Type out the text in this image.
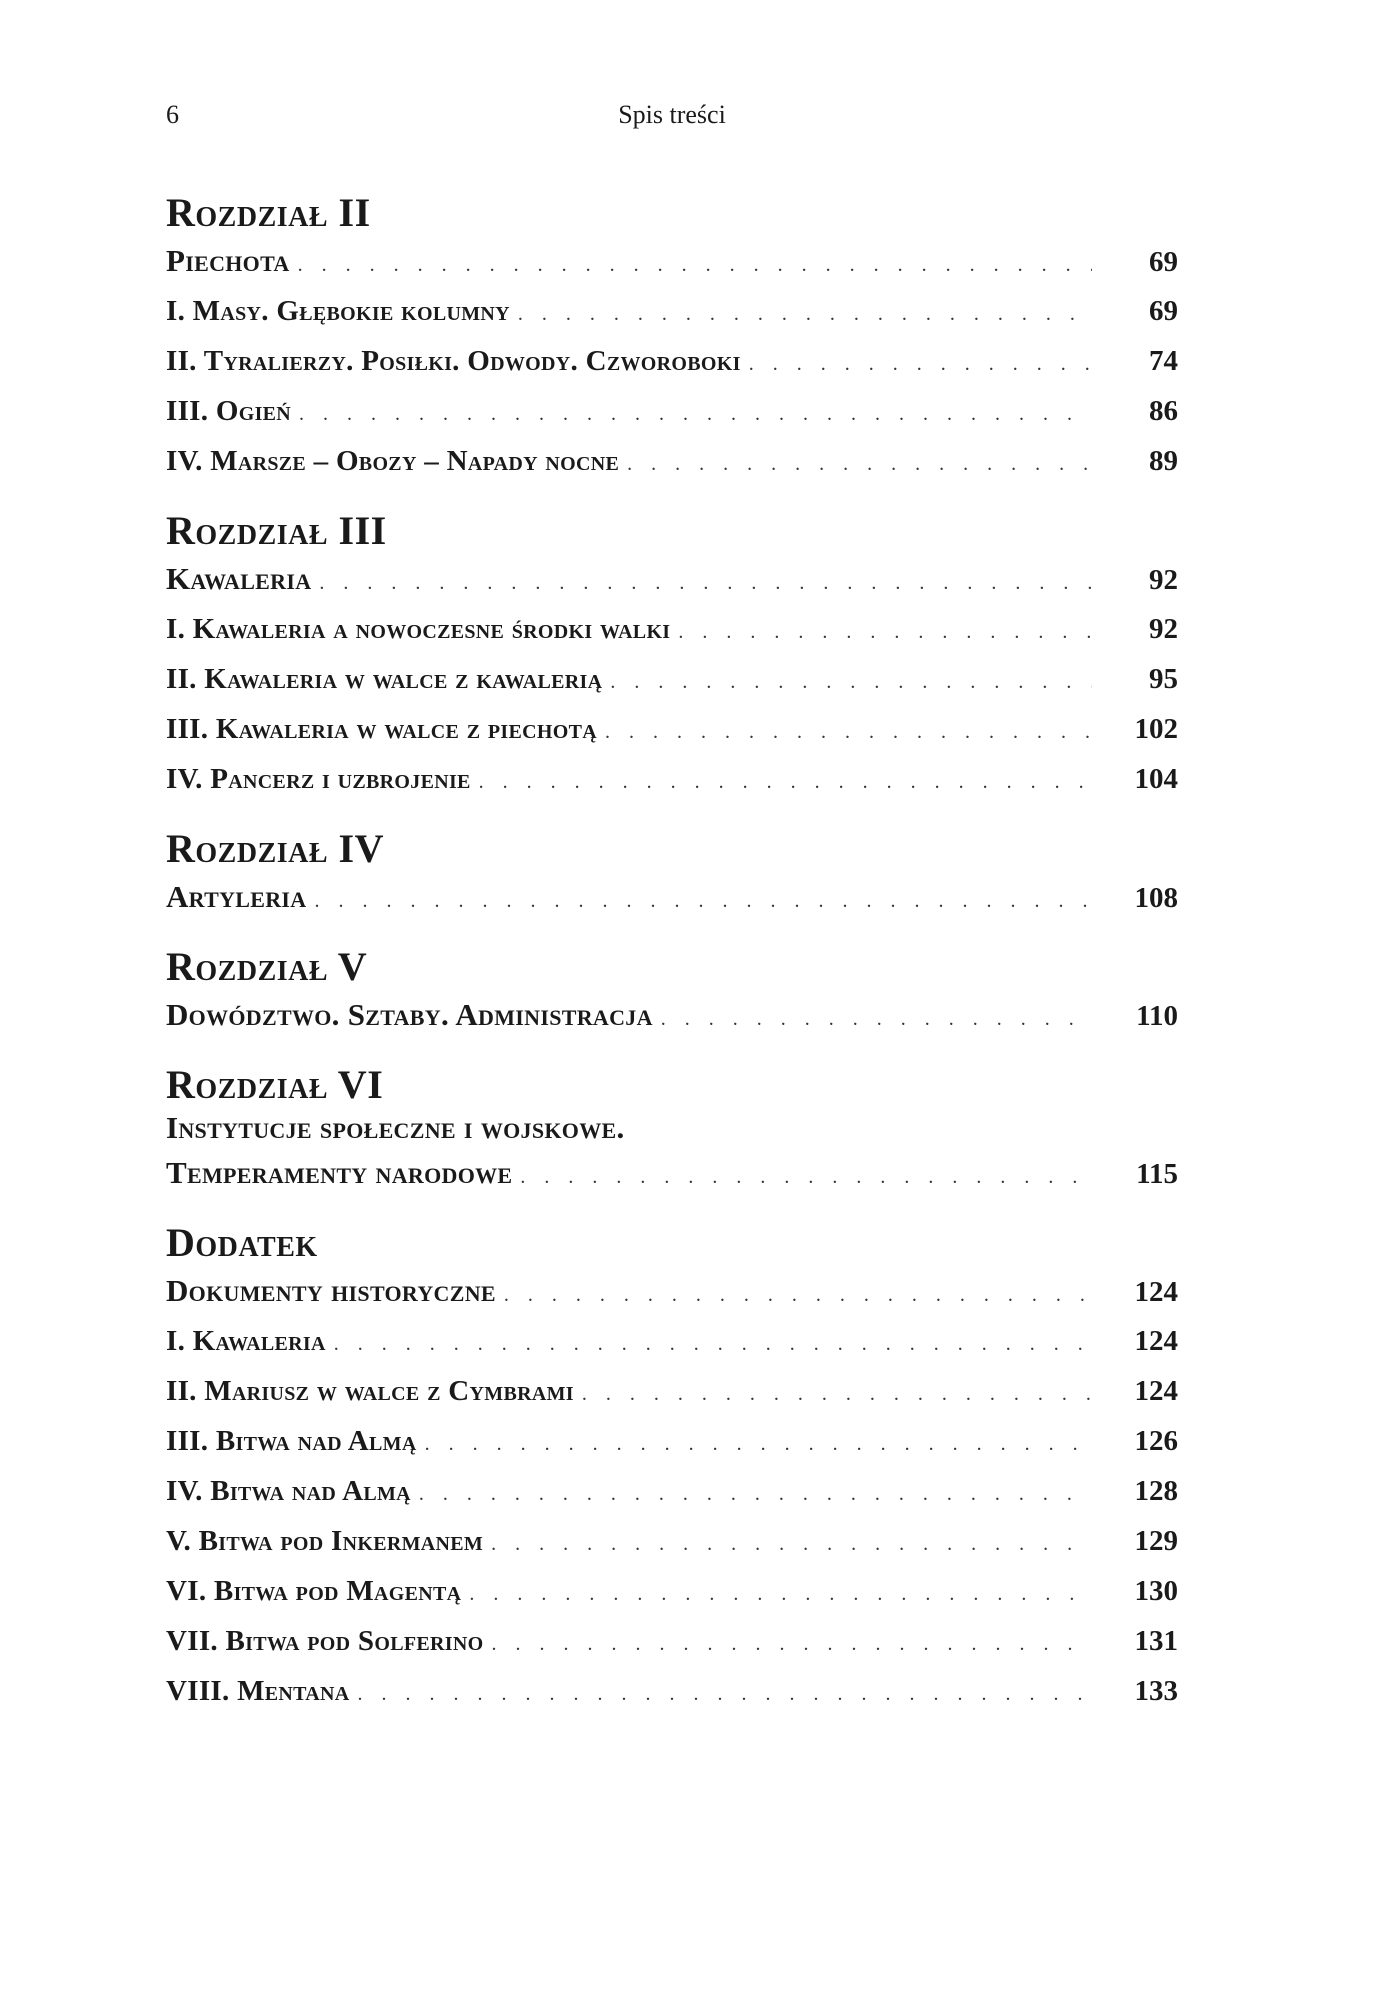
6	Spis treści
Rozdział II
Piechota . . .	69
I. Masy. Głębokie kolumny . . .	69
II. Tyralierzy. Posiłki. Odwody. Czworoboki . . .	74
III. Ogień . . .	86
IV. Marsze – Obozy – Napady nocne . . .	89
Rozdział III
Kawaleria . . .	92
I. Kawaleria a nowoczesne środki walki . . .	92
II. Kawaleria w walce z kawalerią . . .	95
III. Kawaleria w walce z piechotą . . .	102
IV. Pancerz i uzbrojenie . . .	104
Rozdział IV
Artyleria . . .	108
Rozdział V
Dowództwo. Sztaby. Administracja . . .	110
Rozdział VI
Instytucje społeczne i wojskowe.
Temperamenty narodowe . . .	115
Dodatek
Dokumenty historyczne . . .	124
I. Kawaleria . . .	124
II. Mariusz w walce z Cymbrami . . .	124
III. Bitwa nad Almą . . .	126
IV. Bitwa nad Almą . . .	128
V. Bitwa pod Inkermanem . . .	129
VI. Bitwa pod Magentą . . .	130
VII. Bitwa pod Solferino . . .	131
VIII. Mentana . . .	133
